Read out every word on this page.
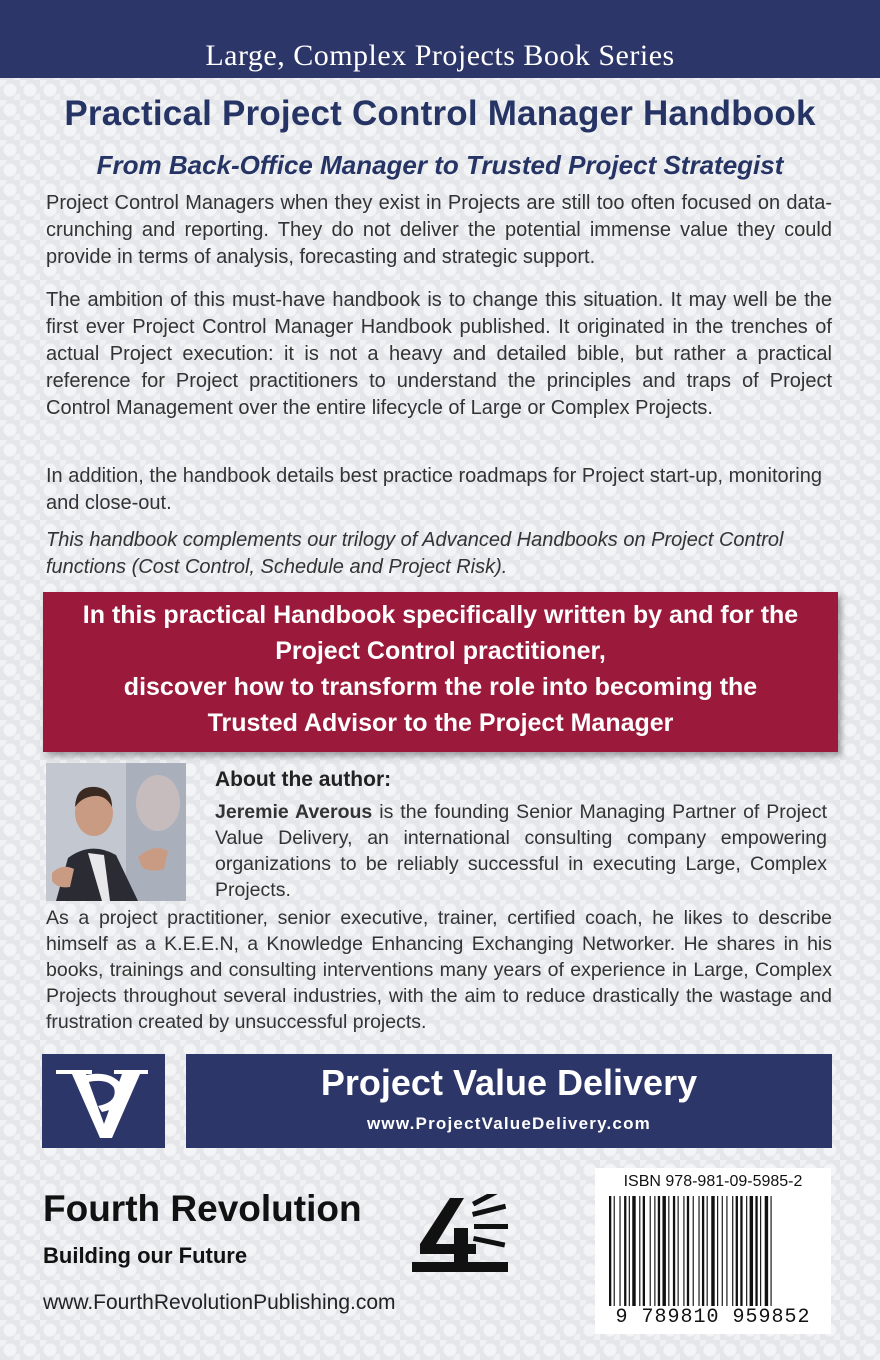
Large, Complex Projects Book Series
Practical Project Control Manager Handbook
From Back-Office Manager to Trusted Project Strategist

Project Control Managers when they exist in Projects are still too often focused on data-crunching and reporting. They do not deliver the potential immense value they could provide in terms of analysis, forecasting and strategic support.

The ambition of this must-have handbook is to change this situation. It may well be the first ever Project Control Manager Handbook published. It originated in the trenches of actual Project execution: it is not a heavy and detailed bible, but rather a practical reference for Project practitioners to understand the principles and traps of Project Control Management over the entire lifecycle of Large or Complex Projects.

In addition, the handbook details best practice roadmaps for Project start-up, monitoring and close-out.

This handbook complements our trilogy of Advanced Handbooks on Project Control functions (Cost Control, Schedule and Project Risk).

In this practical Handbook specifically written by and for the
Project Control practitioner,
discover how to transform the role into becoming the
Trusted Advisor to the Project Manager
About the author:
Jeremie Averous is the founding Senior Managing Partner of Project Value Delivery, an international consulting company empowering organizations to be reliably successful in executing Large, Complex Projects.
As a project practitioner, senior executive, trainer, certified coach, he likes to describe himself as a K.E.E.N, a Knowledge Enhancing Exchanging Networker. He shares in his books, trainings and consulting interventions many years of experience in Large, Complex Projects throughout several industries, with the aim to reduce drastically the wastage and frustration created by unsuccessful projects.
Project Value Delivery
www.ProjectValueDelivery.com
Fourth Revolution
Building our Future
www.FourthRevolutionPublishing.com
ISBN 978-981-09-5985-2
9 789810 959852
